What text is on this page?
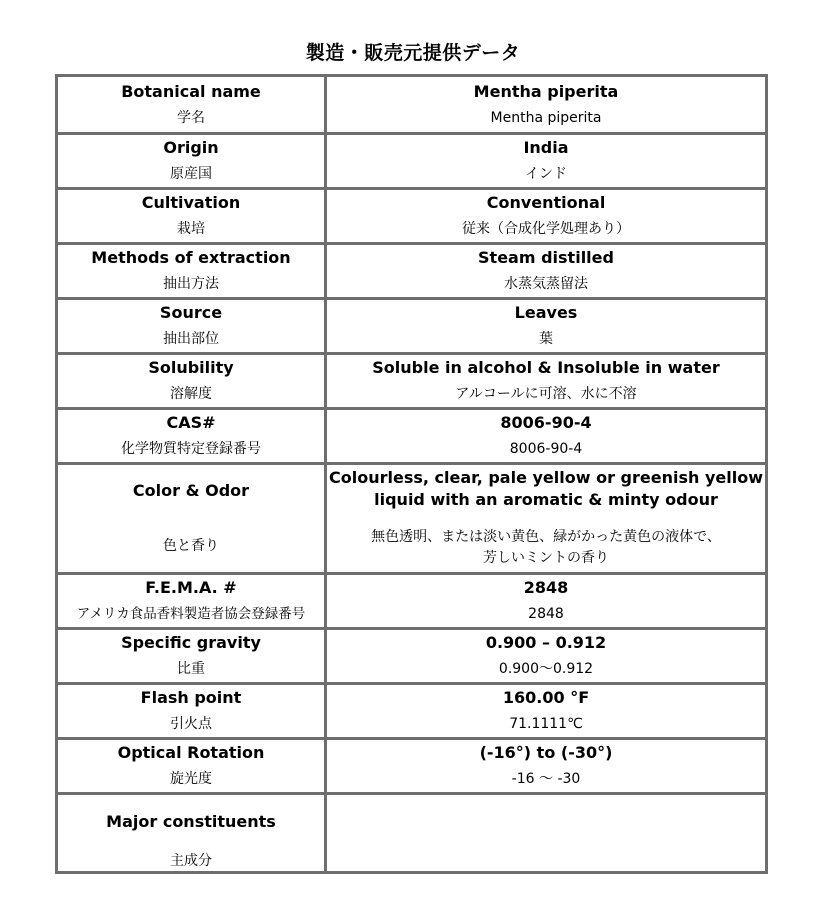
製造・販売元提供データ
Botanical name
学名
Mentha piperita
Mentha piperita
Origin
原産国
India
インド
Cultivation
栽培
Conventional
従来（合成化学処理あり）
Methods of extraction
抽出方法
Steam distilled
水蒸気蒸留法
Source
抽出部位
Leaves
葉
Solubility
溶解度
Soluble in alcohol & Insoluble in water
アルコールに可溶、水に不溶
CAS#
化学物質特定登録番号
8006-90-4
8006-90-4
Color & Odor
色と香り
Colourless, clear, pale yellow or greenish yellow
liquid with an aromatic & minty odour
無色透明、または淡い黄色、緑がかった黄色の液体で、
芳しいミントの香り
F.E.M.A. #
アメリカ食品香料製造者協会登録番号
2848
2848
Specific gravity
比重
0.900 – 0.912
0.900～0.912
Flash point
引火点
160.00 °F
71.1111℃
Optical Rotation
旋光度
(-16°) to (-30°)
-16 ～ -30
Major constituents
主成分
